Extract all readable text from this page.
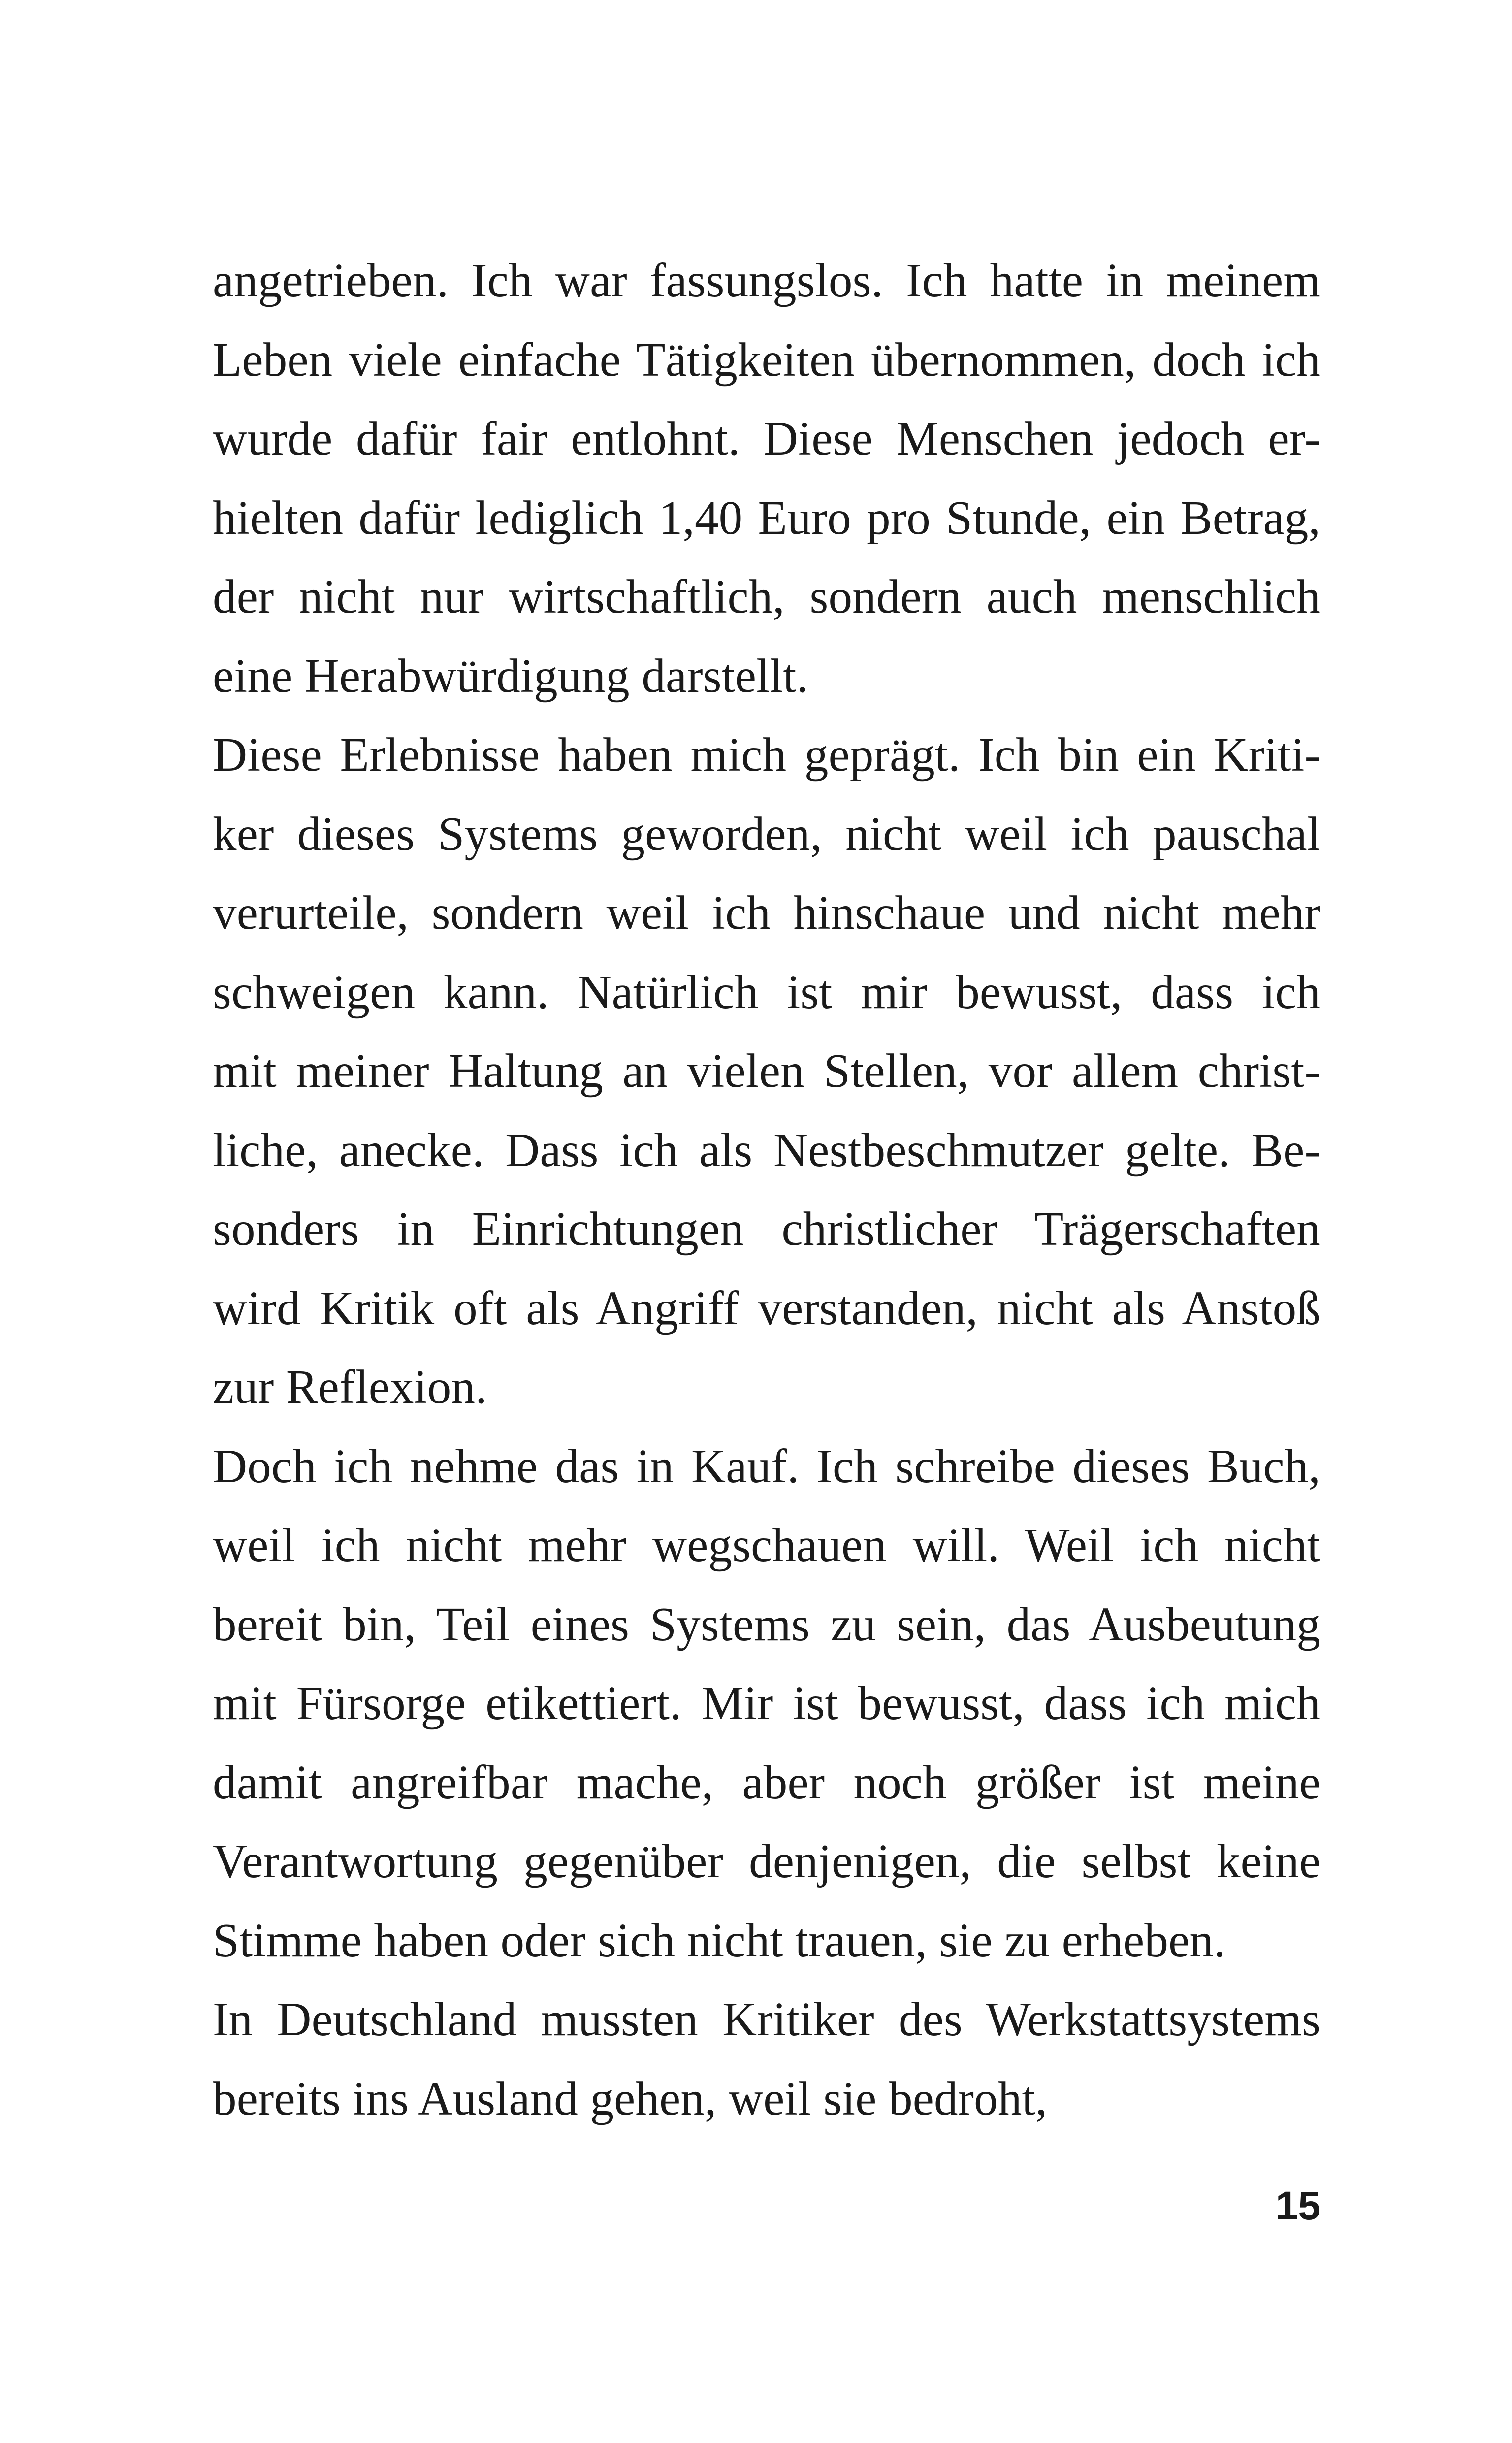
angetrieben. Ich war fassungslos. Ich hatte in meinem
Leben viele einfache Tätigkeiten übernommen, doch ich
wurde dafür fair entlohnt. Diese Menschen jedoch er-
hielten dafür lediglich 1,40 Euro pro Stunde, ein Betrag,
der nicht nur wirtschaftlich, sondern auch menschlich
eine Herabwürdigung darstellt.
Diese Erlebnisse haben mich geprägt. Ich bin ein Kriti-
ker dieses Systems geworden, nicht weil ich pauschal
verurteile, sondern weil ich hinschaue und nicht mehr
schweigen kann. Natürlich ist mir bewusst, dass ich
mit meiner Haltung an vielen Stellen, vor allem christ-
liche, anecke. Dass ich als Nestbeschmutzer gelte. Be-
sonders in Einrichtungen christlicher Trägerschaften
wird Kritik oft als Angriff verstanden, nicht als Anstoß
zur Reflexion.
Doch ich nehme das in Kauf. Ich schreibe dieses Buch,
weil ich nicht mehr wegschauen will. Weil ich nicht
bereit bin, Teil eines Systems zu sein, das Ausbeutung
mit Fürsorge etikettiert. Mir ist bewusst, dass ich mich
damit angreifbar mache, aber noch größer ist meine
Verantwortung gegenüber denjenigen, die selbst keine
Stimme haben oder sich nicht trauen, sie zu erheben.
In Deutschland mussten Kritiker des Werkstattsystems
bereits ins Ausland gehen, weil sie bedroht,
15
